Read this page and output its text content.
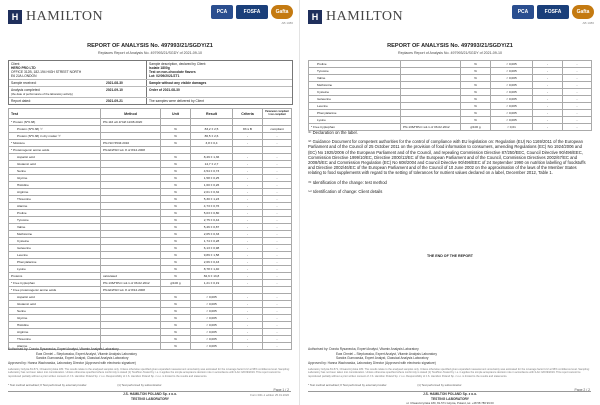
H HAMILTON	PCA	FOSFA	Gafta
AB 1086
REPORT OF ANALYSIS No. 497993/21/SGDY/Z1
Replaces Report of Analysis No. 497993/21/SGDY of 2021-09-10
Client
HERO PRO LTD
OFFICE 312B, 182-194 HIGH STREET NORTH
E6 2JA LONDON
Sample description, declared by Client:
Isolate 1800g
Test on non-chocolate flavors
Lot: 02/09/2021/ZT1
Sample received:	2021-08-30	Sample without any visible damages
Analysis completed:
(the date of performance of the laboratory activity)
2021-09-10	Order of 2021-08-30
Report dated:	2021-09-21	The samples were delivered by Client
Test	Method	Unit	Result	Criteria	Parameter compliant / non-compliant
* Protein (N*6.38)	PN-116 wit.1Hoff.11/08.2020				
Protein (N*6.38) ⁽¹⁾		%	83,2 ± 2,5	83 ≤ B	compliant
Protein (N*6.38) in dry matter ⁽²⁾		%	86,5 ± 2,6	-	-
* Moisture	PN-ISO 5534:2016	%	3,8 ± 0,4	-	-
* Proteinogenic amino acids	PN-EN/ISO wit. 8 of 8/12.2008				
Aspartic acid		%	8,49 ± 1,36	-	-
Glutamic acid		%	14,7 ± 2,7	-	-
Serine		%	4,54 ± 0,73	-	-
Glycine		%	1,58 ± 0,25	-	-
Histidine		%	1,60 ± 0,26	-	-
Arginine		%	2,01 ± 0,32	-	-
Threonine		%	5,30 ± 1,23	-	-
Alanine		%	4,73 ± 0,76	-	-
Proline		%	5,03 ± 0,80	-	-
Tyrosine		%	2,75 ± 0,44	-	-
Valine		%	5,46 ± 0,87	-	-
Methionine		%	2,05 ± 0,33	-	-
Cysteine		%	1,74 ± 0,28	-	-
Isoleucine		%	6,13 ± 0,98	-	-
Leucine		%	9,89 ± 1,58	-	-
Phenylalanine		%	2,66 ± 0,43	-	-
Lysine		%	8,78 ± 1,40	-	-
Proteins	calculated	%	82,6 ± 13,8	-	-
* Free tryptophan	PN-136/HPLC wit.1 of 06.02.2012	g/100 g	1,21 ± 0,19	-	-
* Free proteinogenic amino acids	PN-EN/ISO wit. 8 of 8/12.2008				
Aspartic acid		%	< 0,005	-	-
Glutamic acid		%	< 0,005	-	-
Serine		%	< 0,005	-	-
Glycine		%	< 0,005	-	-
Histidine		%	< 0,005	-	-
Arginine		%	< 0,005	-	-
Threonine		%	< 0,005	-	-
Alanine		%	< 0,005	-	-
Authorised by: Dorota Rysanecka, Expert Analyst, Vitamin Analysis Laboratory
Ewa Chmiel – Stepkowska, Expert Analyst, Vitamin Analysis Laboratory
Sandra Gumowska, Expert Analyst, Classical Analysis Laboratory
Approved by: Hanna Wachowska, Laboratory Director (Approved with electronic signature)
Laboratory Gdynia 81-571, Chwaszczyńska 180. The results relate to the analysed samples only. Unless otherwise specified given expanded measurement uncertainty was estimated for the coverage factor k=2 at 95% confidence level. Sampling: Laboratory has not been taken into consideration. Unless otherwise specified where conformity is stated (1) Test/Non-Tested by: i.e. it applies the simple acceptance decision rule in accordance with ILAC G8:09/2019. This report cannot be reproduced partially without a prior written consent of J.S. Hamilton Poland Sp. z o.o. Responsibility of J.S. Hamilton Poland Sp. z o.o. is limited to the results and statements.
* Test method accredited; # Test performed by external provider	(1) Test performed by subcontractor
Page 1 / 2
Form R41-1 edition 25.01.2020
J.S. HAMILTON POLAND Sp. z o.o.
TESTING LABORATORY
H HAMILTON	PCA	FOSFA	Gafta
AB 1086
REPORT OF ANALYSIS No. 497993/21/SGDY/Z1
Replaces Report of Analysis No. 497993/21/SGDY of 2021-09-10
Proline		%	< 0,005	-	-
Tyrosine		%	< 0,005	-	-
Valine		%	< 0,005	-	-
Methionine		%	< 0,005	-	-
Cysteine		%	< 0,005	-	-
Isoleucine		%	< 0,005	-	-
Leucine		%	< 0,005	-	-
Phenylalanine		%	< 0,005	-	-
Lysine		%	< 0,005	-	-
* Free tryptophan	PN-136/HPLC wit.1 of 06.02.2012	g/100 g	< 0,01	-	-

⁽¹⁾ Declaration on the label.

⁽²⁾ Guidance Document for competent authorities for the control of compliance with EU legislation on: Regulation (EU) No 1169/2011 of the European Parliament and of the Council of 25 October 2011 on the provision of food information to consumers, amending Regulations (EC) No 1924/2006 and (EC) No 1925/2006 of the European Parliament and of the Council, and repealing Commission Directive 87/250/EEC, Council Directive 90/496/EEC, Commission Directive 1999/10/EC, Directive 2000/13/EC of the European Parliament and of the Council, Commission Directives 2002/67/EC and 2008/5/EC and Commission Regulation (EC) No 608/2004 and Council Directive 90/496/EEC of 24 September 1990 on nutrition labelling of foodstuffs and Directive 2002/46/EC of the European Parliament and of the Council of 10 June 2002 on the approximation of the laws of the Member States relating to food supplements with regard to the setting of tolerances for nutrient values declared on a label, December 2012, Table 1.

⁽³⁾ Identification of the change: test method

⁽⁴⁾ Identification of change: Client details

THE END OF THE REPORT
Authorised by: Dorota Rysanecka, Expert Analyst, Vitamin Analysis Laboratory
Ewa Chmiel – Stepkowska, Expert Analyst, Vitamin Analysis Laboratory
Sandra Gumowska, Expert Analyst, Classical Analysis Laboratory
Approved by: Hanna Wachowska, Laboratory Director (Approved with electronic signature)
Laboratory Gdynia 81-571, Chwaszczyńska 180. The results relate to the analysed samples only. Unless otherwise specified given expanded measurement uncertainty was estimated for the coverage factor k=2 at 95% confidence level. Sampling: Laboratory has not been taken into consideration. Unless otherwise specified where conformity is stated (1) Test/Non-Tested by: i.e. it applies the simple acceptance decision rule in accordance with ILAC G8:09/2019. This report cannot be reproduced partially without a prior written consent of J.S. Hamilton Poland Sp. z o.o. Responsibility of J.S. Hamilton Poland Sp. z o.o. is limited to the results and statements.
* Test method accredited; # Test performed by external provider	(1) Test performed by subcontractor
Page 2 / 2
J.S. HAMILTON POLAND Sp. z o.o.
TESTING LABORATORY
ul. Chwaszczyńska 180, 81-571 Gdynia, Poland, tel. +48 58 786 99 00
